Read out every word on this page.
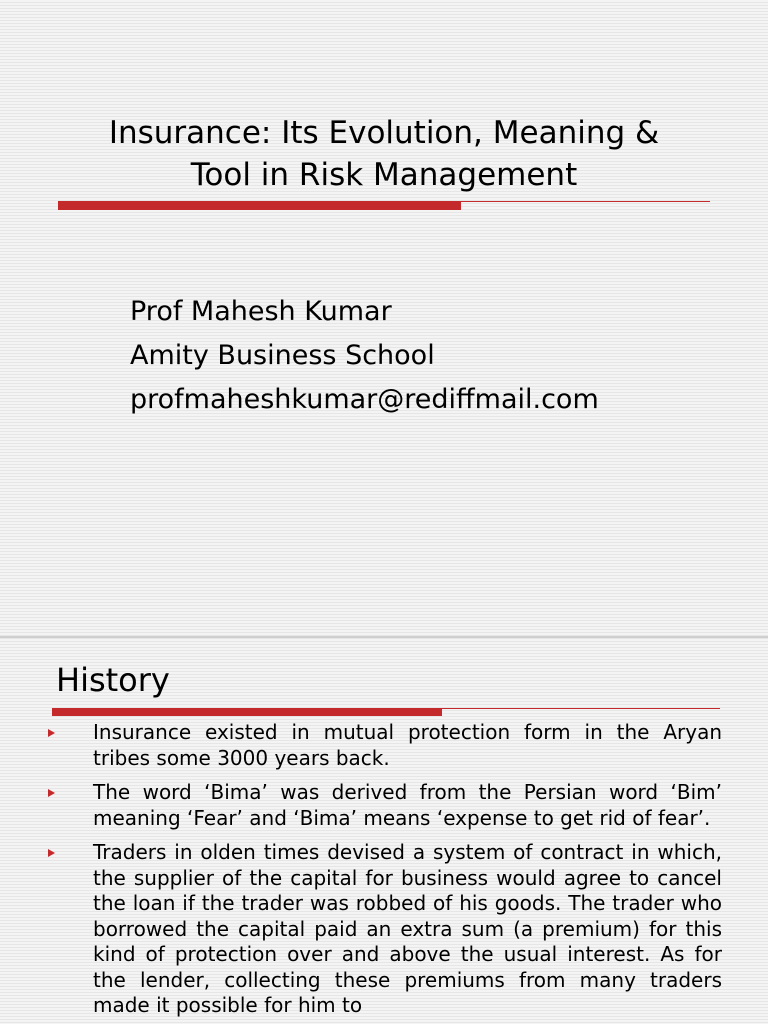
Insurance: Its Evolution, Meaning &
Tool in Risk Management
Prof Mahesh Kumar
Amity Business School
profmaheshkumar@rediffmail.com
History
Insurance existed in mutual protection form in the Aryan tribes some 3000 years back.
The word ‘Bima’ was derived from the Persian word ‘Bim’ meaning ‘Fear’ and ‘Bima’ means ‘expense to get rid of fear’.
Traders in olden times devised a system of contract in which, the supplier of the capital for business would agree to cancel the loan if the trader was robbed of his goods. The trader who borrowed the capital paid an extra sum (a premium) for this kind of protection over and above the usual interest. As for the lender, collecting these premiums from many traders made it possible for him to
